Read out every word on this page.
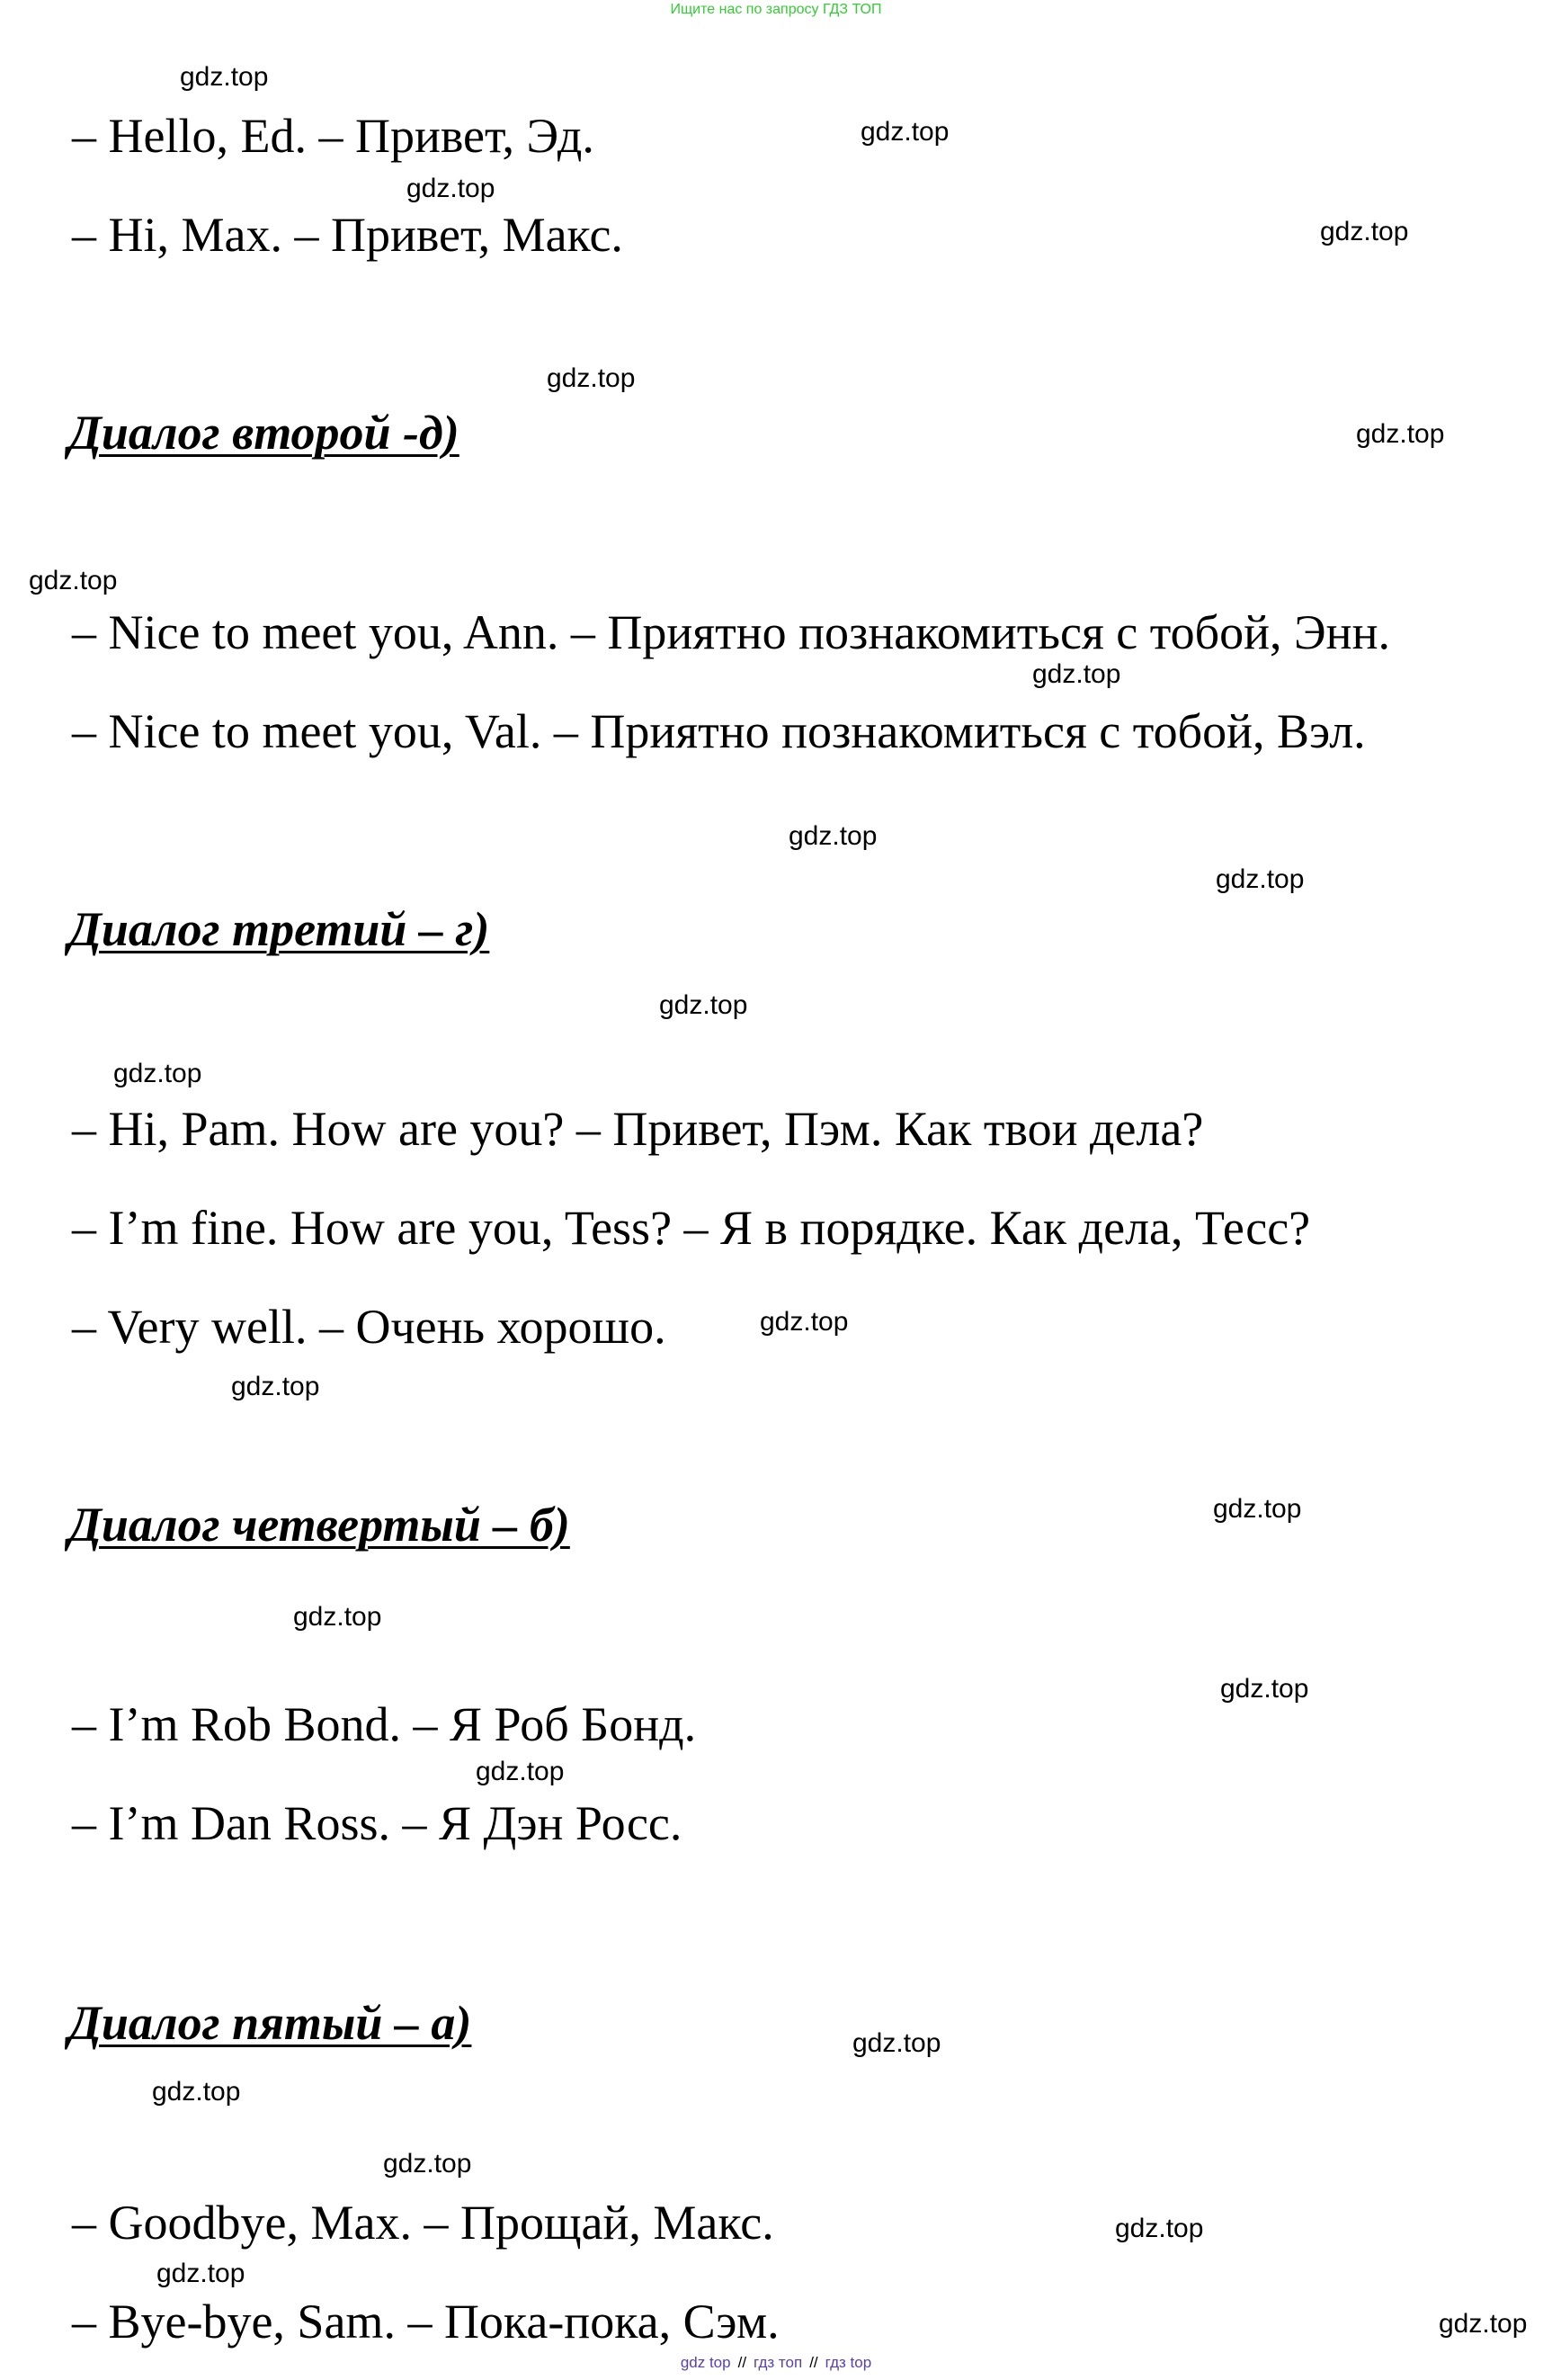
Ищите нас по запросу ГДЗ ТОП
– Hello, Ed. – Привет, Эд.
– Hi, Max. – Привет, Макс.
Диалог второй -д)
– Nice to meet you, Ann. – Приятно познакомиться с тобой, Энн.
– Nice to meet you, Val. – Приятно познакомиться с тобой, Вэл.
Диалог третий – г)
– Hi, Pam. How are you? – Привет, Пэм. Как твои дела?
– I’m fine. How are you, Tess? – Я в порядке. Как дела, Тесс?
– Very well. – Очень хорошо.
Диалог четвертый – б)
– I’m Rob Bond. – Я Роб Бонд.
– I’m Dan Ross. – Я Дэн Росс.
Диалог пятый – а)
– Goodbye, Max. – Прощай, Макс.
– Bye-bye, Sam. – Пока-пока, Сэм.
gdz.top
gdz.top
gdz.top
gdz.top
gdz.top
gdz.top
gdz.top
gdz.top
gdz.top
gdz.top
gdz.top
gdz.top
gdz.top
gdz.top
gdz.top
gdz.top
gdz.top
gdz.top
gdz.top
gdz.top
gdz.top
gdz.top
gdz.top
gdz.top
gdz top // гдз топ // гдз top
